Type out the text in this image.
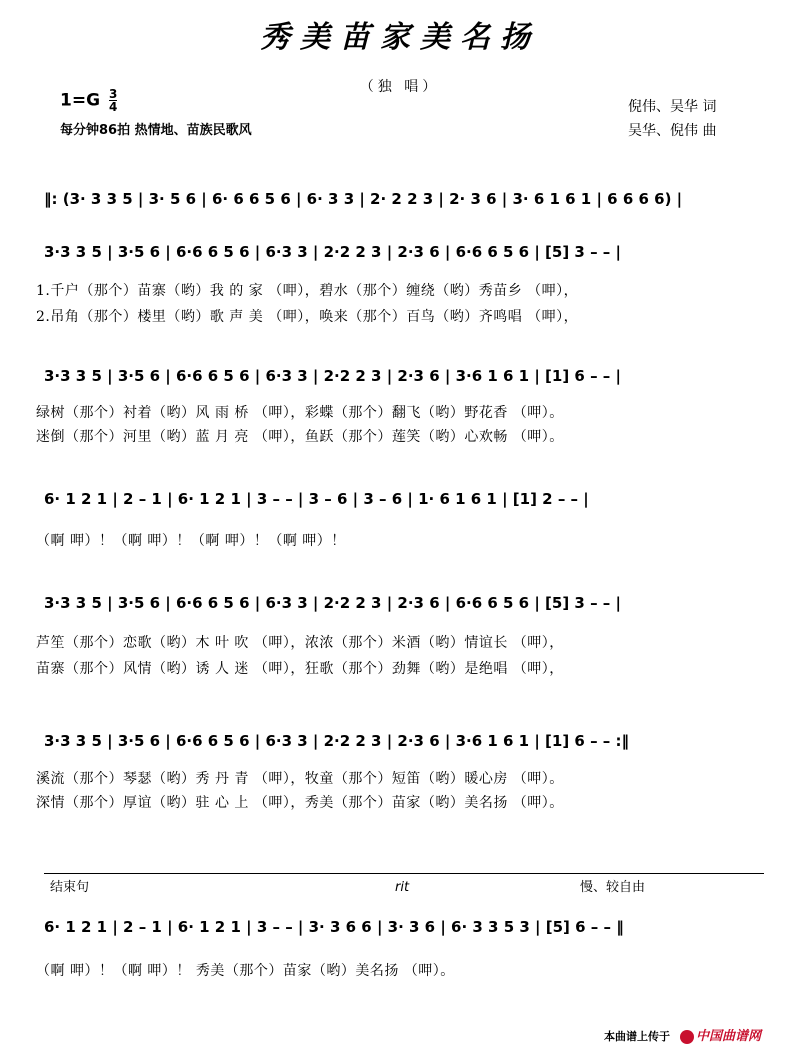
秀美苗家美名扬
（独 唱）
$1=G \frac{3}{4}$
每分钟86拍 热情地、苗族民歌风
倪伟、吴华 词
吴华、倪伟 曲
‖: (3· 3 3 5 | 3· 5 6 | 6· 6 6 5 6 | 6· 3 3 | 2· 2 2 3 | 2· 3 6 | 3· 6 1 6 1 | 6 6 6 6) |
3·3 3 5 | 3·5 6 | 6·6 6 5 6 | 6·3 3 | 2·2 2 3 | 2·3 6 | 6·6 6 5 6 | [5] 3 – – |
1.千户（那个）苗寨（哟）我 的 家 （呷），碧水（那个）缠绕（哟）秀苗乡 （呷），
2.吊角（那个）楼里（哟）歌 声 美 （呷），唤来（那个）百鸟（哟）齐鸣唱 （呷），
3·3 3 5 | 3·5 6 | 6·6 6 5 6 | 6·3 3 | 2·2 2 3 | 2·3 6 | 3·6 1 6 1 | [1] 6 – – |
绿树（那个）衬着（哟）风 雨 桥 （呷），彩蝶（那个）翻飞（哟）野花香 （呷）。
迷倒（那个）河里（哟）蓝 月 亮 （呷），鱼跃（那个）莲笑（哟）心欢畅 （呷）。
6· 1 2 1 | 2 – 1 | 6· 1 2 1 | 3 – – | 3 – 6 | 3 – 6 | 1· 6 1 6 1 | [1] 2 – – |
（啊 呷）！（啊 呷）！（啊 呷）！（啊 呷）！
3·3 3 5 | 3·5 6 | 6·6 6 5 6 | 6·3 3 | 2·2 2 3 | 2·3 6 | 6·6 6 5 6 | [5] 3 – – |
芦笙（那个）恋歌（哟）木 叶 吹 （呷），浓浓（那个）米酒（哟）情谊长 （呷），
苗寨（那个）风情（哟）诱 人 迷 （呷），狂歌（那个）劲舞（哟）是绝唱 （呷），
3·3 3 5 | 3·5 6 | 6·6 6 5 6 | 6·3 3 | 2·2 2 3 | 2·3 6 | 3·6 1 6 1 | [1] 6 – – :‖
溪流（那个）琴瑟（哟）秀 丹 青 （呷），牧童（那个）短笛（哟）暖心房 （呷）。
深情（那个）厚谊（哟）驻 心 上 （呷），秀美（那个）苗家（哟）美名扬 （呷）。
结束句	rit	慢、较自由
6· 1 2 1 | 2 – 1 | 6· 1 2 1 | 3 – – | 3· 3 6 6 | 3· 3 6 | 6· 3 3 5 3 | [5] 6 – – ‖
（啊 呷）！（啊 呷）！ 秀美（那个）苗家（哟）美名扬 （呷）。
本曲谱上传于	中国曲谱网
